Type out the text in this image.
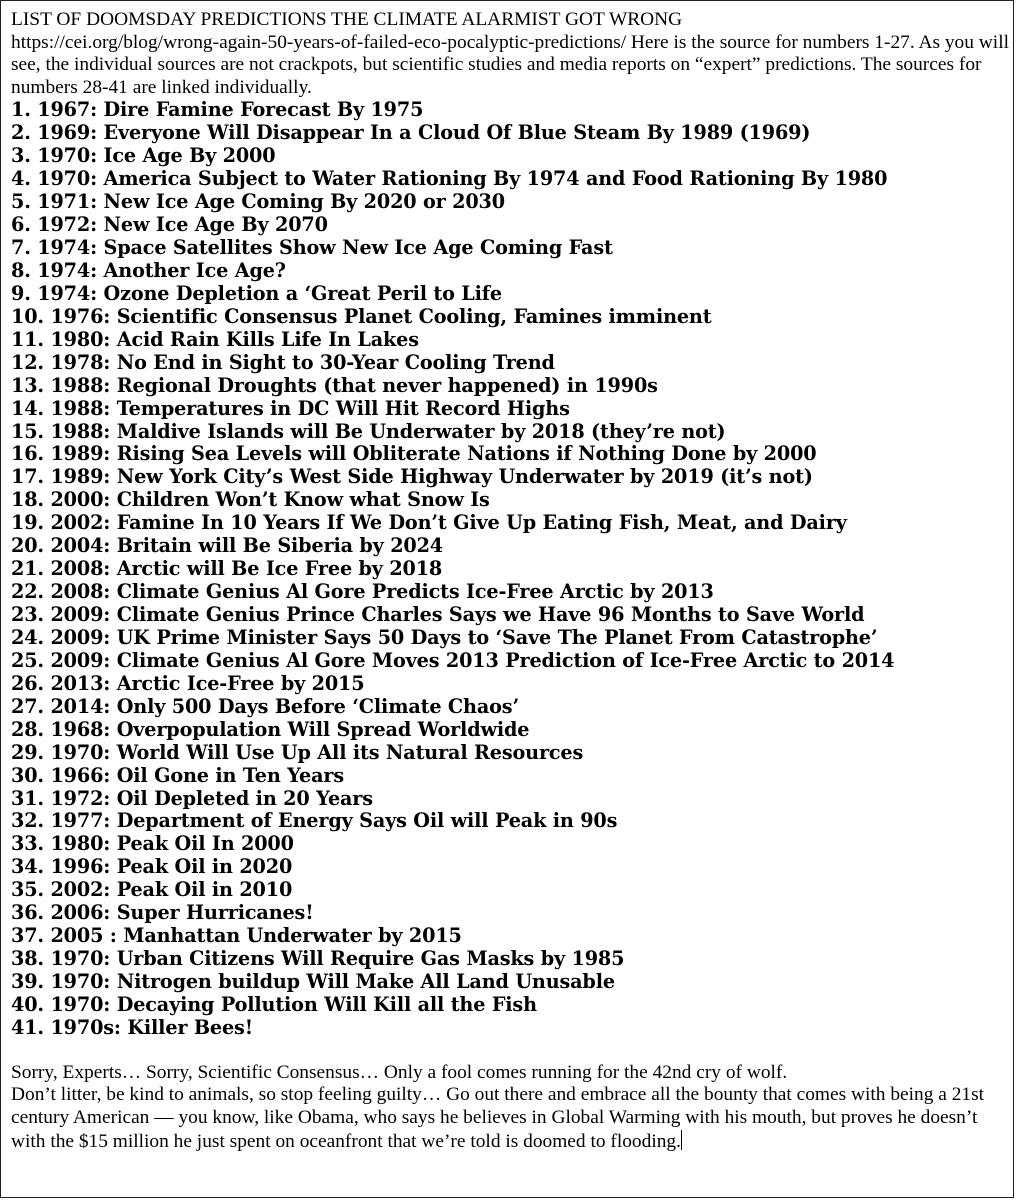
LIST OF DOOMSDAY PREDICTIONS THE CLIMATE ALARMIST GOT WRONG
https://cei.org/blog/wrong-again-50-years-of-failed-eco-pocalyptic-predictions/ Here is the source for numbers 1-27. As you will see, the individual sources are not crackpots, but scientific studies and media reports on “expert” predictions. The sources for numbers 28-41 are linked individually.

1. 1967: Dire Famine Forecast By 1975
2. 1969: Everyone Will Disappear In a Cloud Of Blue Steam By 1989 (1969)
3. 1970: Ice Age By 2000
4. 1970: America Subject to Water Rationing By 1974 and Food Rationing By 1980
5. 1971: New Ice Age Coming By 2020 or 2030
6. 1972: New Ice Age By 2070
7. 1974: Space Satellites Show New Ice Age Coming Fast
8. 1974: Another Ice Age?
9. 1974: Ozone Depletion a ‘Great Peril to Life
10. 1976: Scientific Consensus Planet Cooling, Famines imminent
11. 1980: Acid Rain Kills Life In Lakes
12. 1978: No End in Sight to 30-Year Cooling Trend
13. 1988: Regional Droughts (that never happened) in 1990s
14. 1988: Temperatures in DC Will Hit Record Highs
15. 1988: Maldive Islands will Be Underwater by 2018 (they’re not)
16. 1989: Rising Sea Levels will Obliterate Nations if Nothing Done by 2000
17. 1989: New York City’s West Side Highway Underwater by 2019 (it’s not)
18. 2000: Children Won’t Know what Snow Is
19. 2002: Famine In 10 Years If We Don’t Give Up Eating Fish, Meat, and Dairy
20. 2004: Britain will Be Siberia by 2024
21. 2008: Arctic will Be Ice Free by 2018
22. 2008: Climate Genius Al Gore Predicts Ice-Free Arctic by 2013
23. 2009: Climate Genius Prince Charles Says we Have 96 Months to Save World
24. 2009: UK Prime Minister Says 50 Days to ‘Save The Planet From Catastrophe’
25. 2009: Climate Genius Al Gore Moves 2013 Prediction of Ice-Free Arctic to 2014
26. 2013: Arctic Ice-Free by 2015
27. 2014: Only 500 Days Before ‘Climate Chaos’
28. 1968: Overpopulation Will Spread Worldwide
29. 1970: World Will Use Up All its Natural Resources
30. 1966: Oil Gone in Ten Years
31. 1972: Oil Depleted in 20 Years
32. 1977: Department of Energy Says Oil will Peak in 90s
33. 1980: Peak Oil In 2000
34. 1996: Peak Oil in 2020
35. 2002: Peak Oil in 2010
36. 2006: Super Hurricanes!
37. 2005 : Manhattan Underwater by 2015
38. 1970: Urban Citizens Will Require Gas Masks by 1985
39. 1970: Nitrogen buildup Will Make All Land Unusable
40. 1970: Decaying Pollution Will Kill all the Fish
41. 1970s: Killer Bees!

Sorry, Experts… Sorry, Scientific Consensus… Only a fool comes running for the 42nd cry of wolf.
Don’t litter, be kind to animals, so stop feeling guilty… Go out there and embrace all the bounty that comes with being a 21st century American — you know, like Obama, who says he believes in Global Warming with his mouth, but proves he doesn’t with the $15 million he just spent on oceanfront that we’re told is doomed to flooding.
